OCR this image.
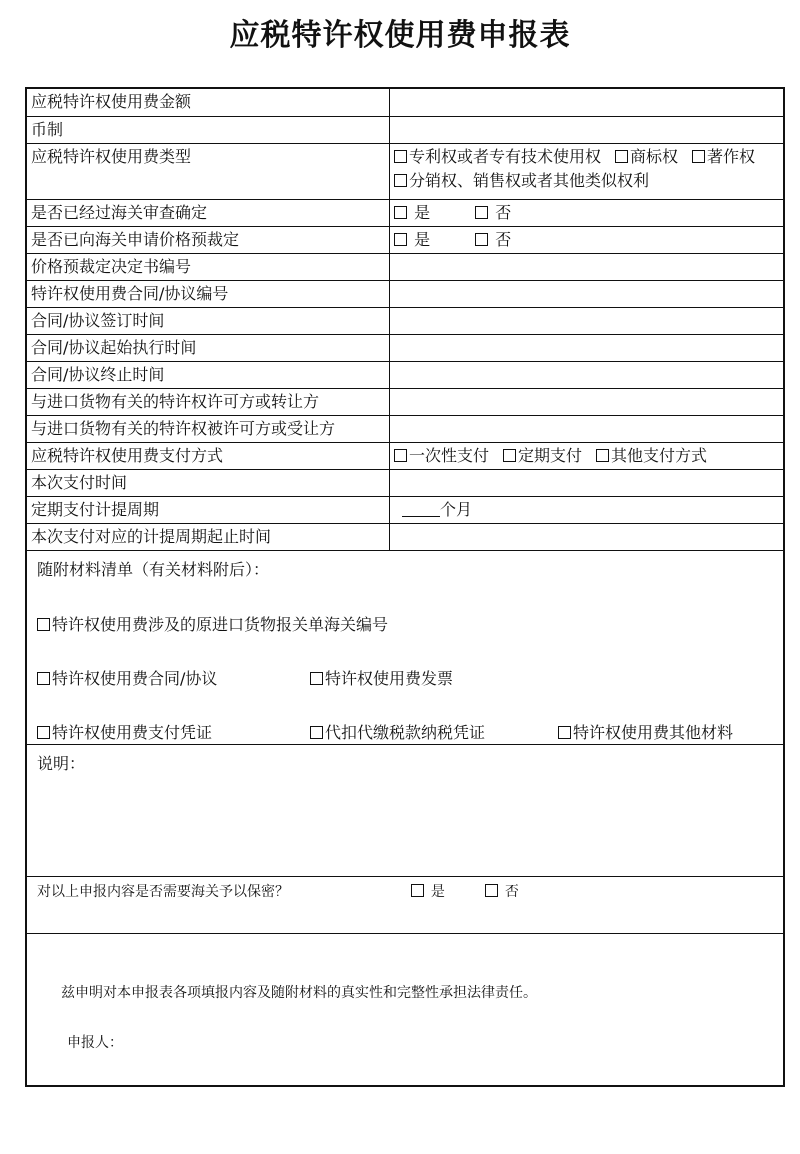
应税特许权使用费申报表
应税特许权使用费金额	
币制	
应税特许权使用费类型	专利权或者专有技术使用权 商标权 著作权分销权、销售权或者其他类似权利
是否已经过海关审查确定	是 否
是否已向海关申请价格预裁定	是 否
价格预裁定决定书编号	
特许权使用费合同/协议编号	
合同/协议签订时间	
合同/协议起始执行时间	
合同/协议终止时间	
与进口货物有关的特许权许可方或转让方	
与进口货物有关的特许权被许可方或受让方	
应税特许权使用费支付方式	一次性支付 定期支付 其他支付方式
本次支付时间	
定期支付计提周期	个月
本次支付对应的计提周期起止时间	
随附材料清单（有关材料附后）：
特许权使用费涉及的原进口货物报关单海关编号
特许权使用费合同/协议	特许权使用费发票
特许权使用费支付凭证	代扣代缴税款纳税凭证	特许权使用费其他材料
说明：
对以上申报内容是否需要海关予以保密？	是	否
兹申明对本申报表各项填报内容及随附材料的真实性和完整性承担法律责任。
申报人：
